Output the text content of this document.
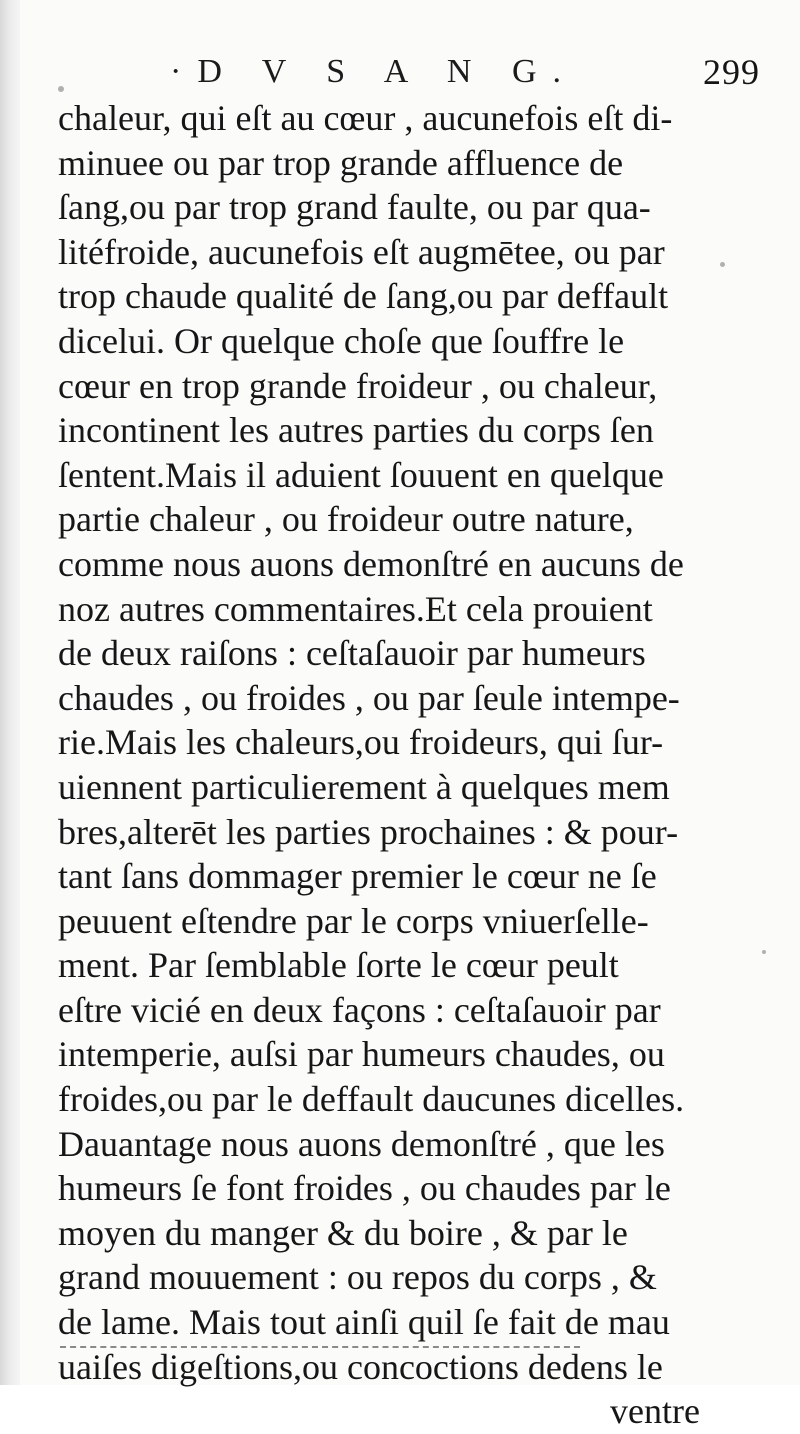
·D V S A N G.	299
chaleur, qui eſt au cœur , aucunefois eſt di-
minuee ou par trop grande affluence de
ſang,ou par trop grand faulte, ou par qua-
litéfroide, aucunefois eſt augmētee, ou par
trop chaude qualité de ſang,ou par deffault
dicelui. Or quelque choſe que ſouffre le
cœur en trop grande froideur , ou chaleur,
incontinent les autres parties du corps ſen
ſentent.Mais il aduient ſouuent en quelque
partie chaleur , ou froideur outre nature,
comme nous auons demonſtré en aucuns de
noz autres commentaires.Et cela prouient
de deux raiſons : ceſtaſauoir par humeurs
chaudes , ou froides , ou par ſeule intempe-
rie.Mais les chaleurs,ou froideurs, qui ſur-
uiennent particulierement à quelques mem
bres,alterēt les parties prochaines : & pour-
tant ſans dommager premier le cœur ne ſe
peuuent eſtendre par le corps vniuerſelle-
ment. Par ſemblable ſorte le cœur peult
eſtre vicié en deux façons : ceſtaſauoir par
intemperie, auſsi par humeurs chaudes, ou
froides,ou par le deffault daucunes dicelles.
Dauantage nous auons demonſtré , que les
humeurs ſe font froides , ou chaudes par le
moyen du manger & du boire , & par le
grand mouuement : ou repos du corps , &
de lame. Mais tout ainſi quil ſe fait de mau
uaiſes digeſtions,ou concoctions dedens le
ventre
